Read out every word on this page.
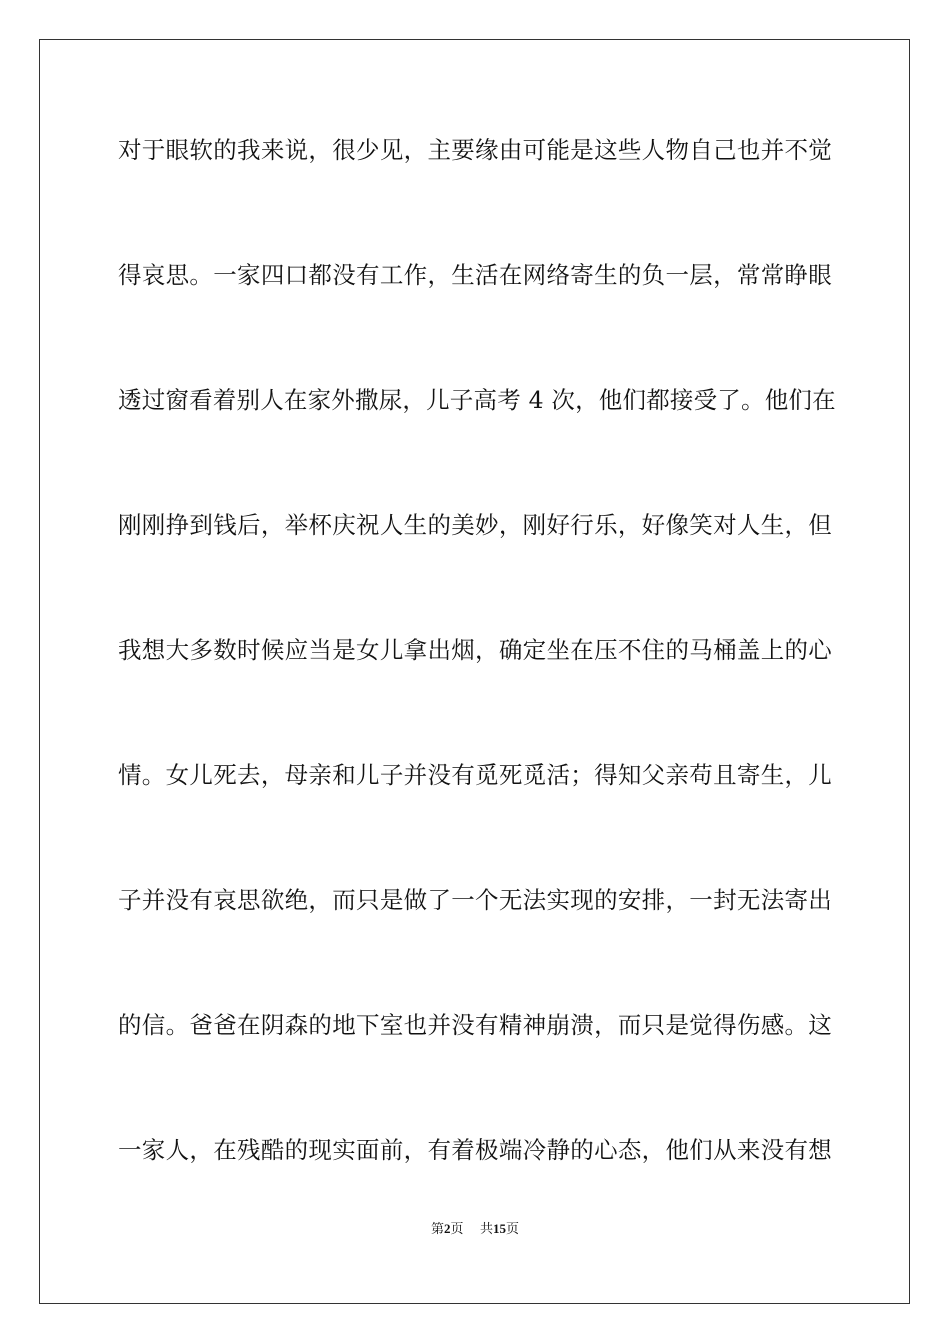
对于眼软的我来说，很少见，主要缘由可能是这些人物自己也并不觉
得哀思。一家四口都没有工作，生活在网络寄生的负一层，常常睁眼
透过窗看着别人在家外撒尿，儿子高考 4 次，他们都接受了。他们在
刚刚挣到钱后，举杯庆祝人生的美妙，刚好行乐，好像笑对人生，但
我想大多数时候应当是女儿拿出烟，确定坐在压不住的马桶盖上的心
情。女儿死去，母亲和儿子并没有觅死觅活；得知父亲苟且寄生，儿
子并没有哀思欲绝，而只是做了一个无法实现的安排，一封无法寄出
的信。爸爸在阴森的地下室也并没有精神崩溃，而只是觉得伤感。这
一家人，在残酷的现实面前，有着极端冷静的心态，他们从来没有想
第2页 共15页
